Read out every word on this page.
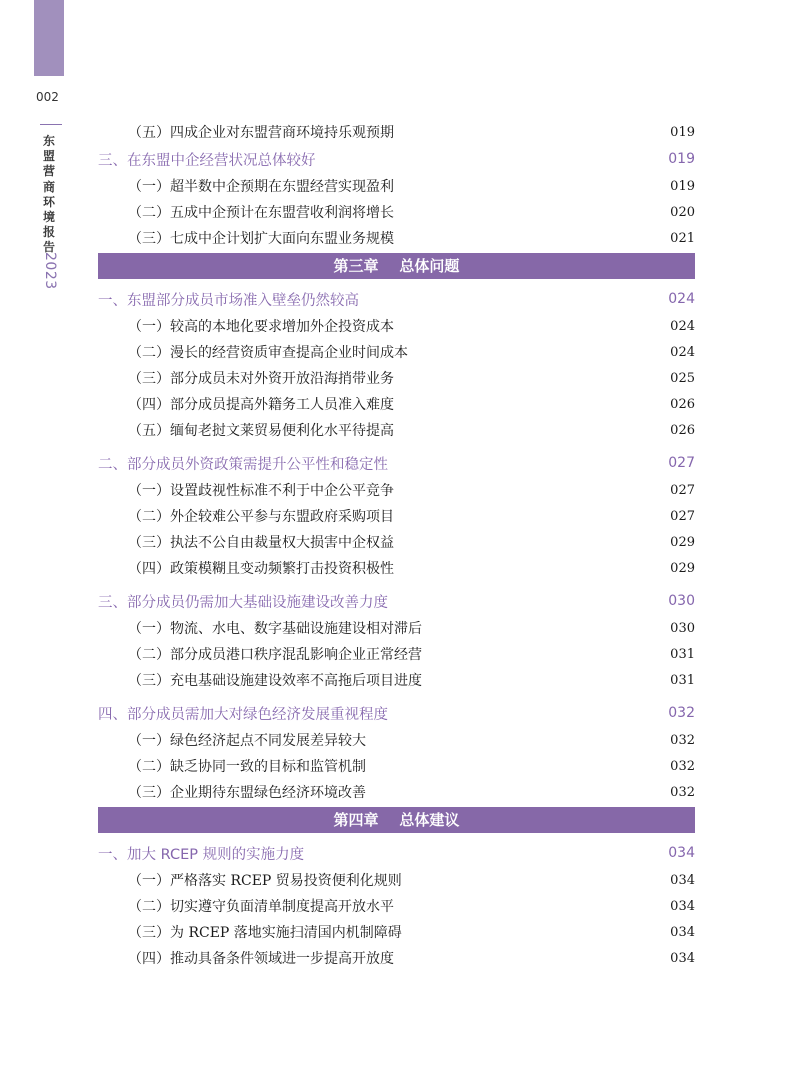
002
东盟营商环境报告
2023
（五）四成企业对东盟营商环境持乐观预期	019
三、在东盟中企经营状况总体较好	019
（一）超半数中企预期在东盟经营实现盈利	019
（二）五成中企预计在东盟营收利润将增长	020
（三）七成中企计划扩大面向东盟业务规模	021
第三章    总体问题
一、东盟部分成员市场准入壁垒仍然较高	024
（一）较高的本地化要求增加外企投资成本	024
（二）漫长的经营资质审查提高企业时间成本	024
（三）部分成员未对外资开放沿海捎带业务	025
（四）部分成员提高外籍务工人员准入难度	026
（五）缅甸老挝文莱贸易便利化水平待提高	026
二、部分成员外资政策需提升公平性和稳定性	027
（一）设置歧视性标准不利于中企公平竞争	027
（二）外企较难公平参与东盟政府采购项目	027
（三）执法不公自由裁量权大损害中企权益	029
（四）政策模糊且变动频繁打击投资积极性	029
三、部分成员仍需加大基础设施建设改善力度	030
（一）物流、水电、数字基础设施建设相对滞后	030
（二）部分成员港口秩序混乱影响企业正常经营	031
（三）充电基础设施建设效率不高拖后项目进度	031
四、部分成员需加大对绿色经济发展重视程度	032
（一）绿色经济起点不同发展差异较大	032
（二）缺乏协同一致的目标和监管机制	032
（三）企业期待东盟绿色经济环境改善	032
第四章    总体建议
一、加大 RCEP 规则的实施力度	034
（一）严格落实 RCEP 贸易投资便利化规则	034
（二）切实遵守负面清单制度提高开放水平	034
（三）为 RCEP 落地实施扫清国内机制障碍	034
（四）推动具备条件领域进一步提高开放度	034
